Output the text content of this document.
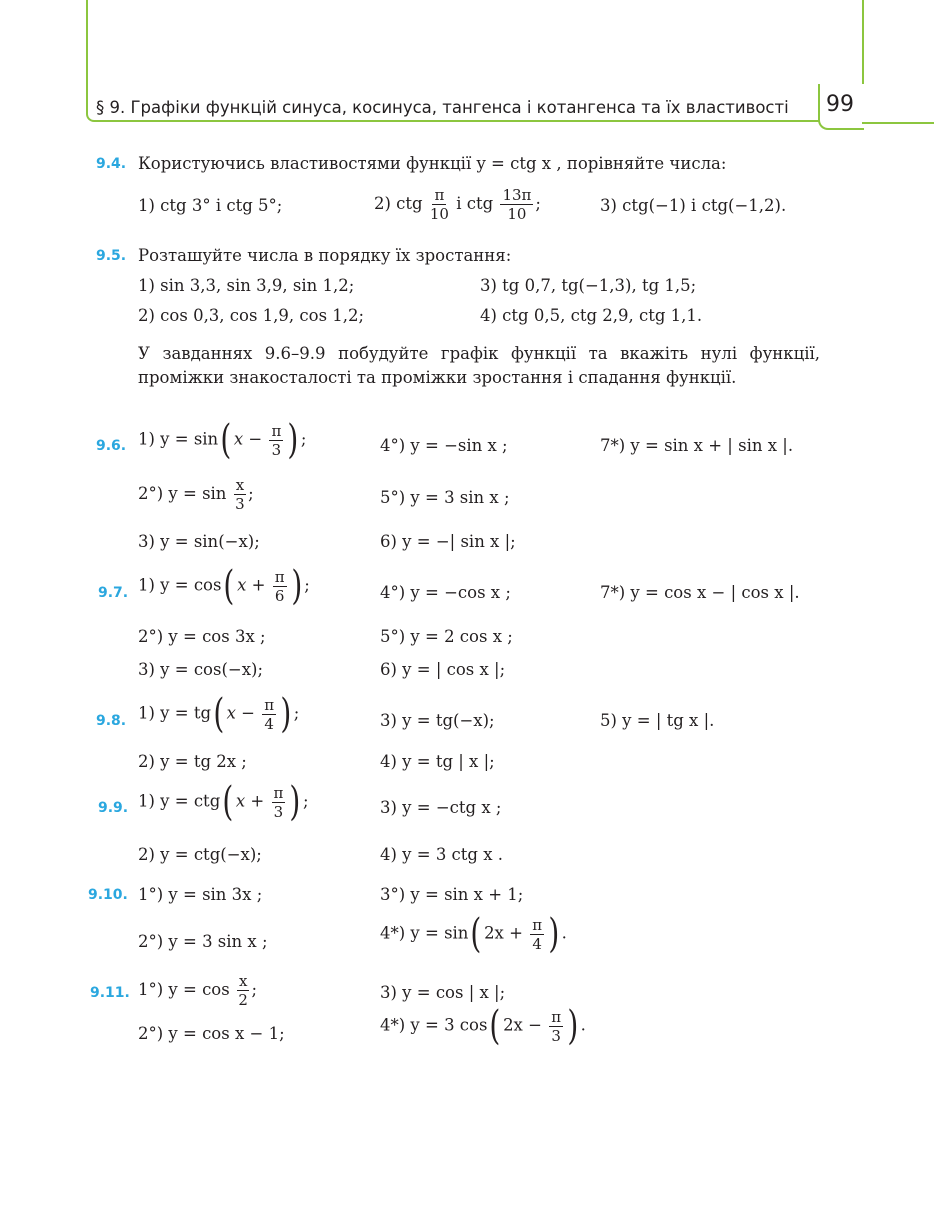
§ 9. Графіки функцій синуса, косинуса, тангенса і котангенса та їх властивості 99
9.4. Користуючись властивостями функції y = ctg x , порівняйте числа:
1) ctg 3° і ctg 5°;	2) ctg $\frac{\pi}{10}$ і ctg $\frac{13\pi}{10}$ ;	3) ctg(−1) і ctg(−1,2).
9.5. Розташуйте числа в порядку їх зростання:
1) sin 3,3, sin 3,9, sin 1,2;	3) tg 0,7, tg(−1,3), tg 1,5;
2) cos 0,3, cos 1,9, cos 1,2;	4) ctg 0,5, ctg 2,9, ctg 1,1.
У завданнях 9.6–9.9 побудуйте графік функції та вкажіть нулі функції, проміжки знакосталості та проміжки зростання і спадання функції.
9.6. 1) y = sin( $x - \frac{\pi}{3}$ ) ;	4°) y = −sin x ;	7*) y = sin x + | sin x |.
2°) $y = \sin \frac{x}{3}$ ;	5°) y = 3 sin x ;
3) y = sin(−x);	6) y = −| sin x |;
9.7. 1) y = cos( $x + \frac{\pi}{6}$ ) ;	4°) y = −cos x ;	7*) y = cos x − | cos x |.
2°) y = cos 3x ;	5°) y = 2 cos x ;
3) y = cos(−x);	6) y = | cos x |;
9.8. 1) y = tg( $x - \frac{\pi}{4}$ ) ;	3) y = tg(−x);	5) y = | tg x |.
2) y = tg 2x ;	4) y = tg | x |;
9.9. 1) y = ctg( $x + \frac{\pi}{3}$ ) ;	3) y = −ctg x ;
2) y = ctg(−x);	4) y = 3 ctg x .
9.10. 1°) y = sin 3x ;	3°) y = sin x + 1;
2°) y = 3 sin x ;	4*) y = sin( $2x + \frac{\pi}{4}$ ) .
9.11. 1°) $y = \cos \frac{x}{2}$ ;	3) y = cos | x |;
2°) y = cos x − 1;	4*) y = 3 cos( $2x - \frac{\pi}{3}$ ) .
